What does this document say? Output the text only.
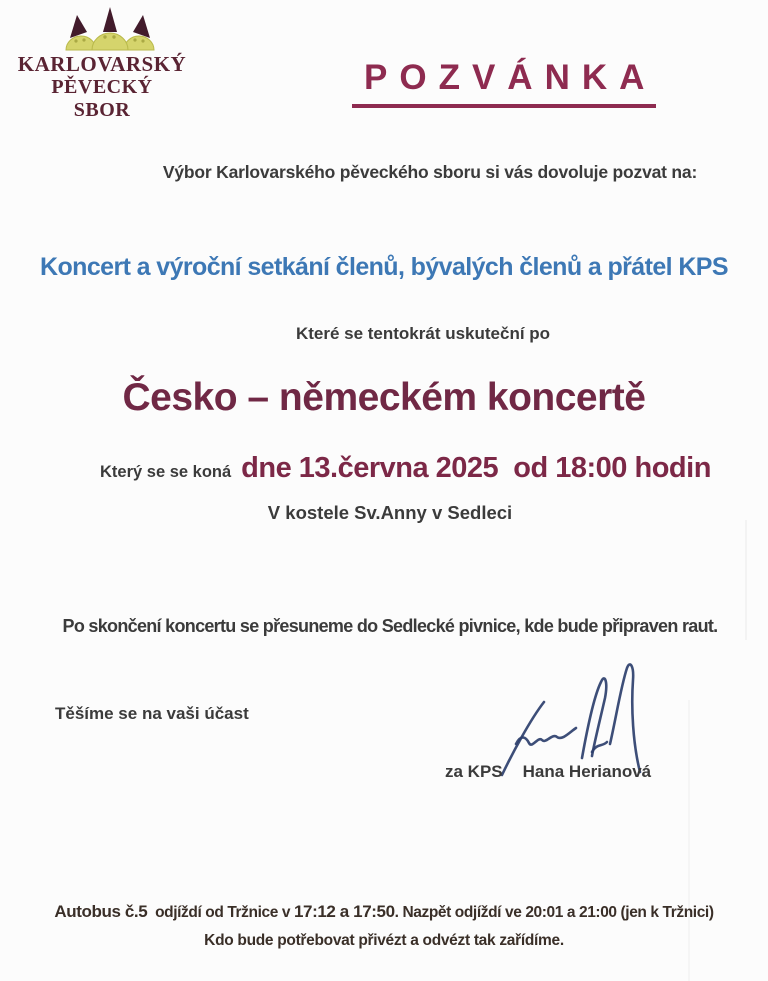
KARLOVARSKÝ
PĚVECKÝ
SBOR
POZVÁNKA
Výbor Karlovarského pěveckého sboru si vás dovoluje pozvat na:
Koncert a výroční setkání členů, bývalých členů a přátel KPS
Které se tentokrát uskuteční po
Česko – německém koncertě
Který se se koná dne 13.června 2025  od 18:00 hodin
V kostele Sv.Anny v Sedleci
Po skončení koncertu se přesuneme do Sedlecké pivnice, kde bude připraven raut.
Těšíme se na vaši účast
za KPS Hana Herianová
Autobus č.5  odjíždí od Tržnice v 17:12 a 17:50. Nazpět odjíždí ve 20:01 a 21:00 (jen k Tržnici)
Kdo bude potřebovat přivézt a odvézt tak zařídíme.
